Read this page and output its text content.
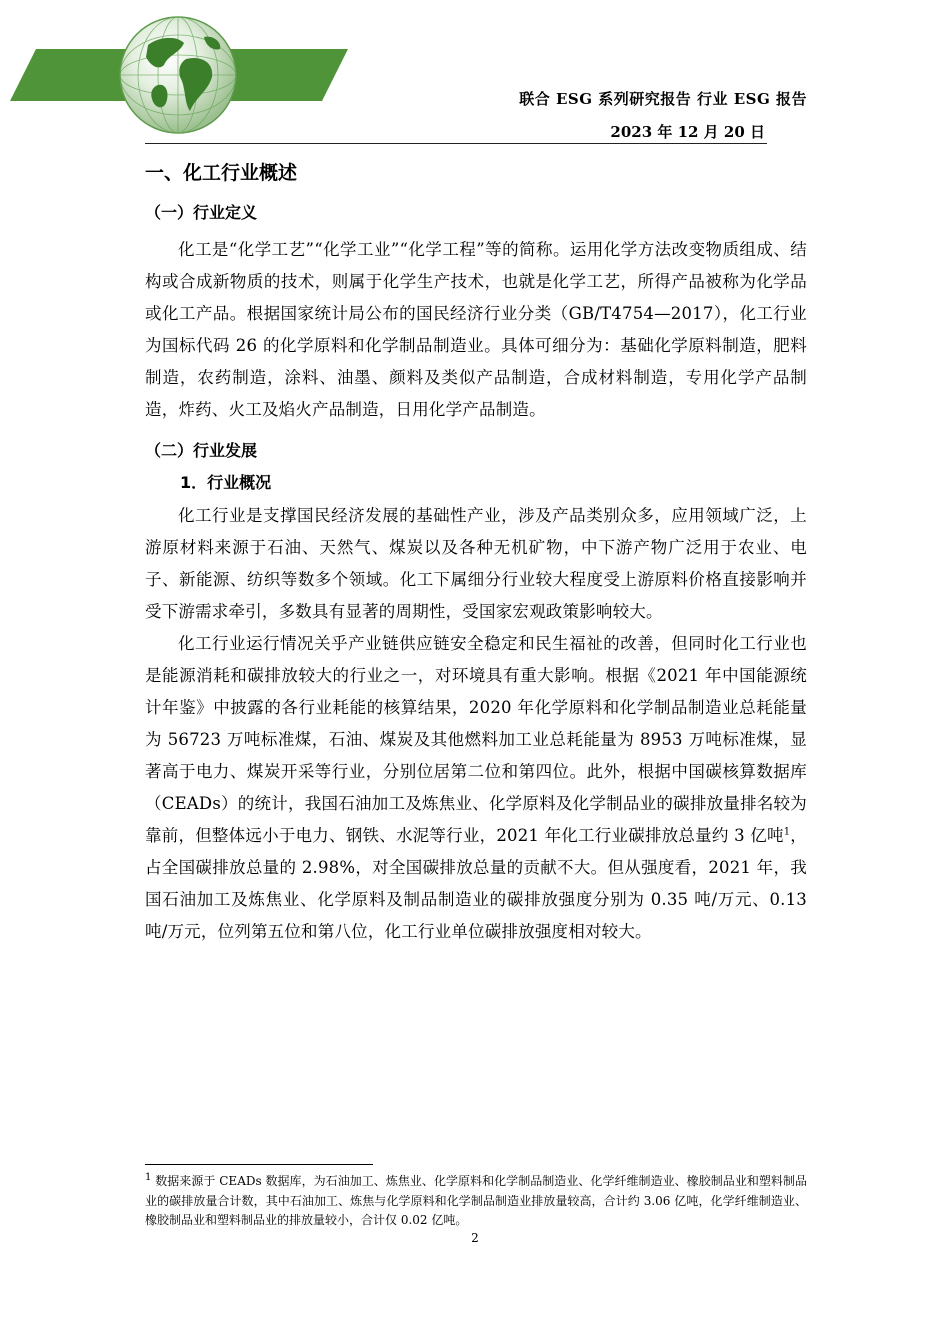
联合 ESG 系列研究报告 行业 ESG 报告
2023 年 12 月 20 日
一、化工行业概述
（一）行业定义

化工是“化学工艺”“化学工业”“化学工程”等的简称。运用化学方法改变物质组成、结构或合成新物质的技术，则属于化学生产技术，也就是化学工艺，所得产品被称为化学品或化工产品。根据国家统计局公布的国民经济行业分类（GB/T4754—2017），化工行业为国标代码 26 的化学原料和化学制品制造业。具体可细分为：基础化学原料制造，肥料制造，农药制造，涂料、油墨、颜料及类似产品制造，合成材料制造，专用化学产品制造，炸药、火工及焰火产品制造，日用化学产品制造。

（二）行业发展
1．行业概况

化工行业是支撑国民经济发展的基础性产业，涉及产品类别众多，应用领域广泛，上游原材料来源于石油、天然气、煤炭以及各种无机矿物，中下游产物广泛用于农业、电子、新能源、纺织等数多个领域。化工下属细分行业较大程度受上游原料价格直接影响并受下游需求牵引，多数具有显著的周期性，受国家宏观政策影响较大。

化工行业运行情况关乎产业链供应链安全稳定和民生福祉的改善，但同时化工行业也是能源消耗和碳排放较大的行业之一，对环境具有重大影响。根据《2021 年中国能源统计年鉴》中披露的各行业耗能的核算结果，2020 年化学原料和化学制品制造业总耗能量为 56723 万吨标准煤，石油、煤炭及其他燃料加工业总耗能量为 8953 万吨标准煤，显著高于电力、煤炭开采等行业，分别位居第二位和第四位。此外，根据中国碳核算数据库（CEADs）的统计，我国石油加工及炼焦业、化学原料及化学制品业的碳排放量排名较为靠前，但整体远小于电力、钢铁、水泥等行业，2021 年化工行业碳排放总量约 3 亿吨$^1$，占全国碳排放总量的 2.98%，对全国碳排放总量的贡献不大。但从强度看，2021 年，我国石油加工及炼焦业、化学原料及制品制造业的碳排放强度分别为 0.35 吨/万元、0.13 吨/万元，位列第五位和第八位，化工行业单位碳排放强度相对较大。

$^1$ 数据来源于 CEADs 数据库，为石油加工、炼焦业、化学原料和化学制品制造业、化学纤维制造业、橡胶制品业和塑料制品业的碳排放量合计数，其中石油加工、炼焦与化学原料和化学制品制造业排放量较高，合计约 3.06 亿吨，化学纤维制造业、橡胶制品业和塑料制品业的排放量较小，合计仅 0.02 亿吨。
2
